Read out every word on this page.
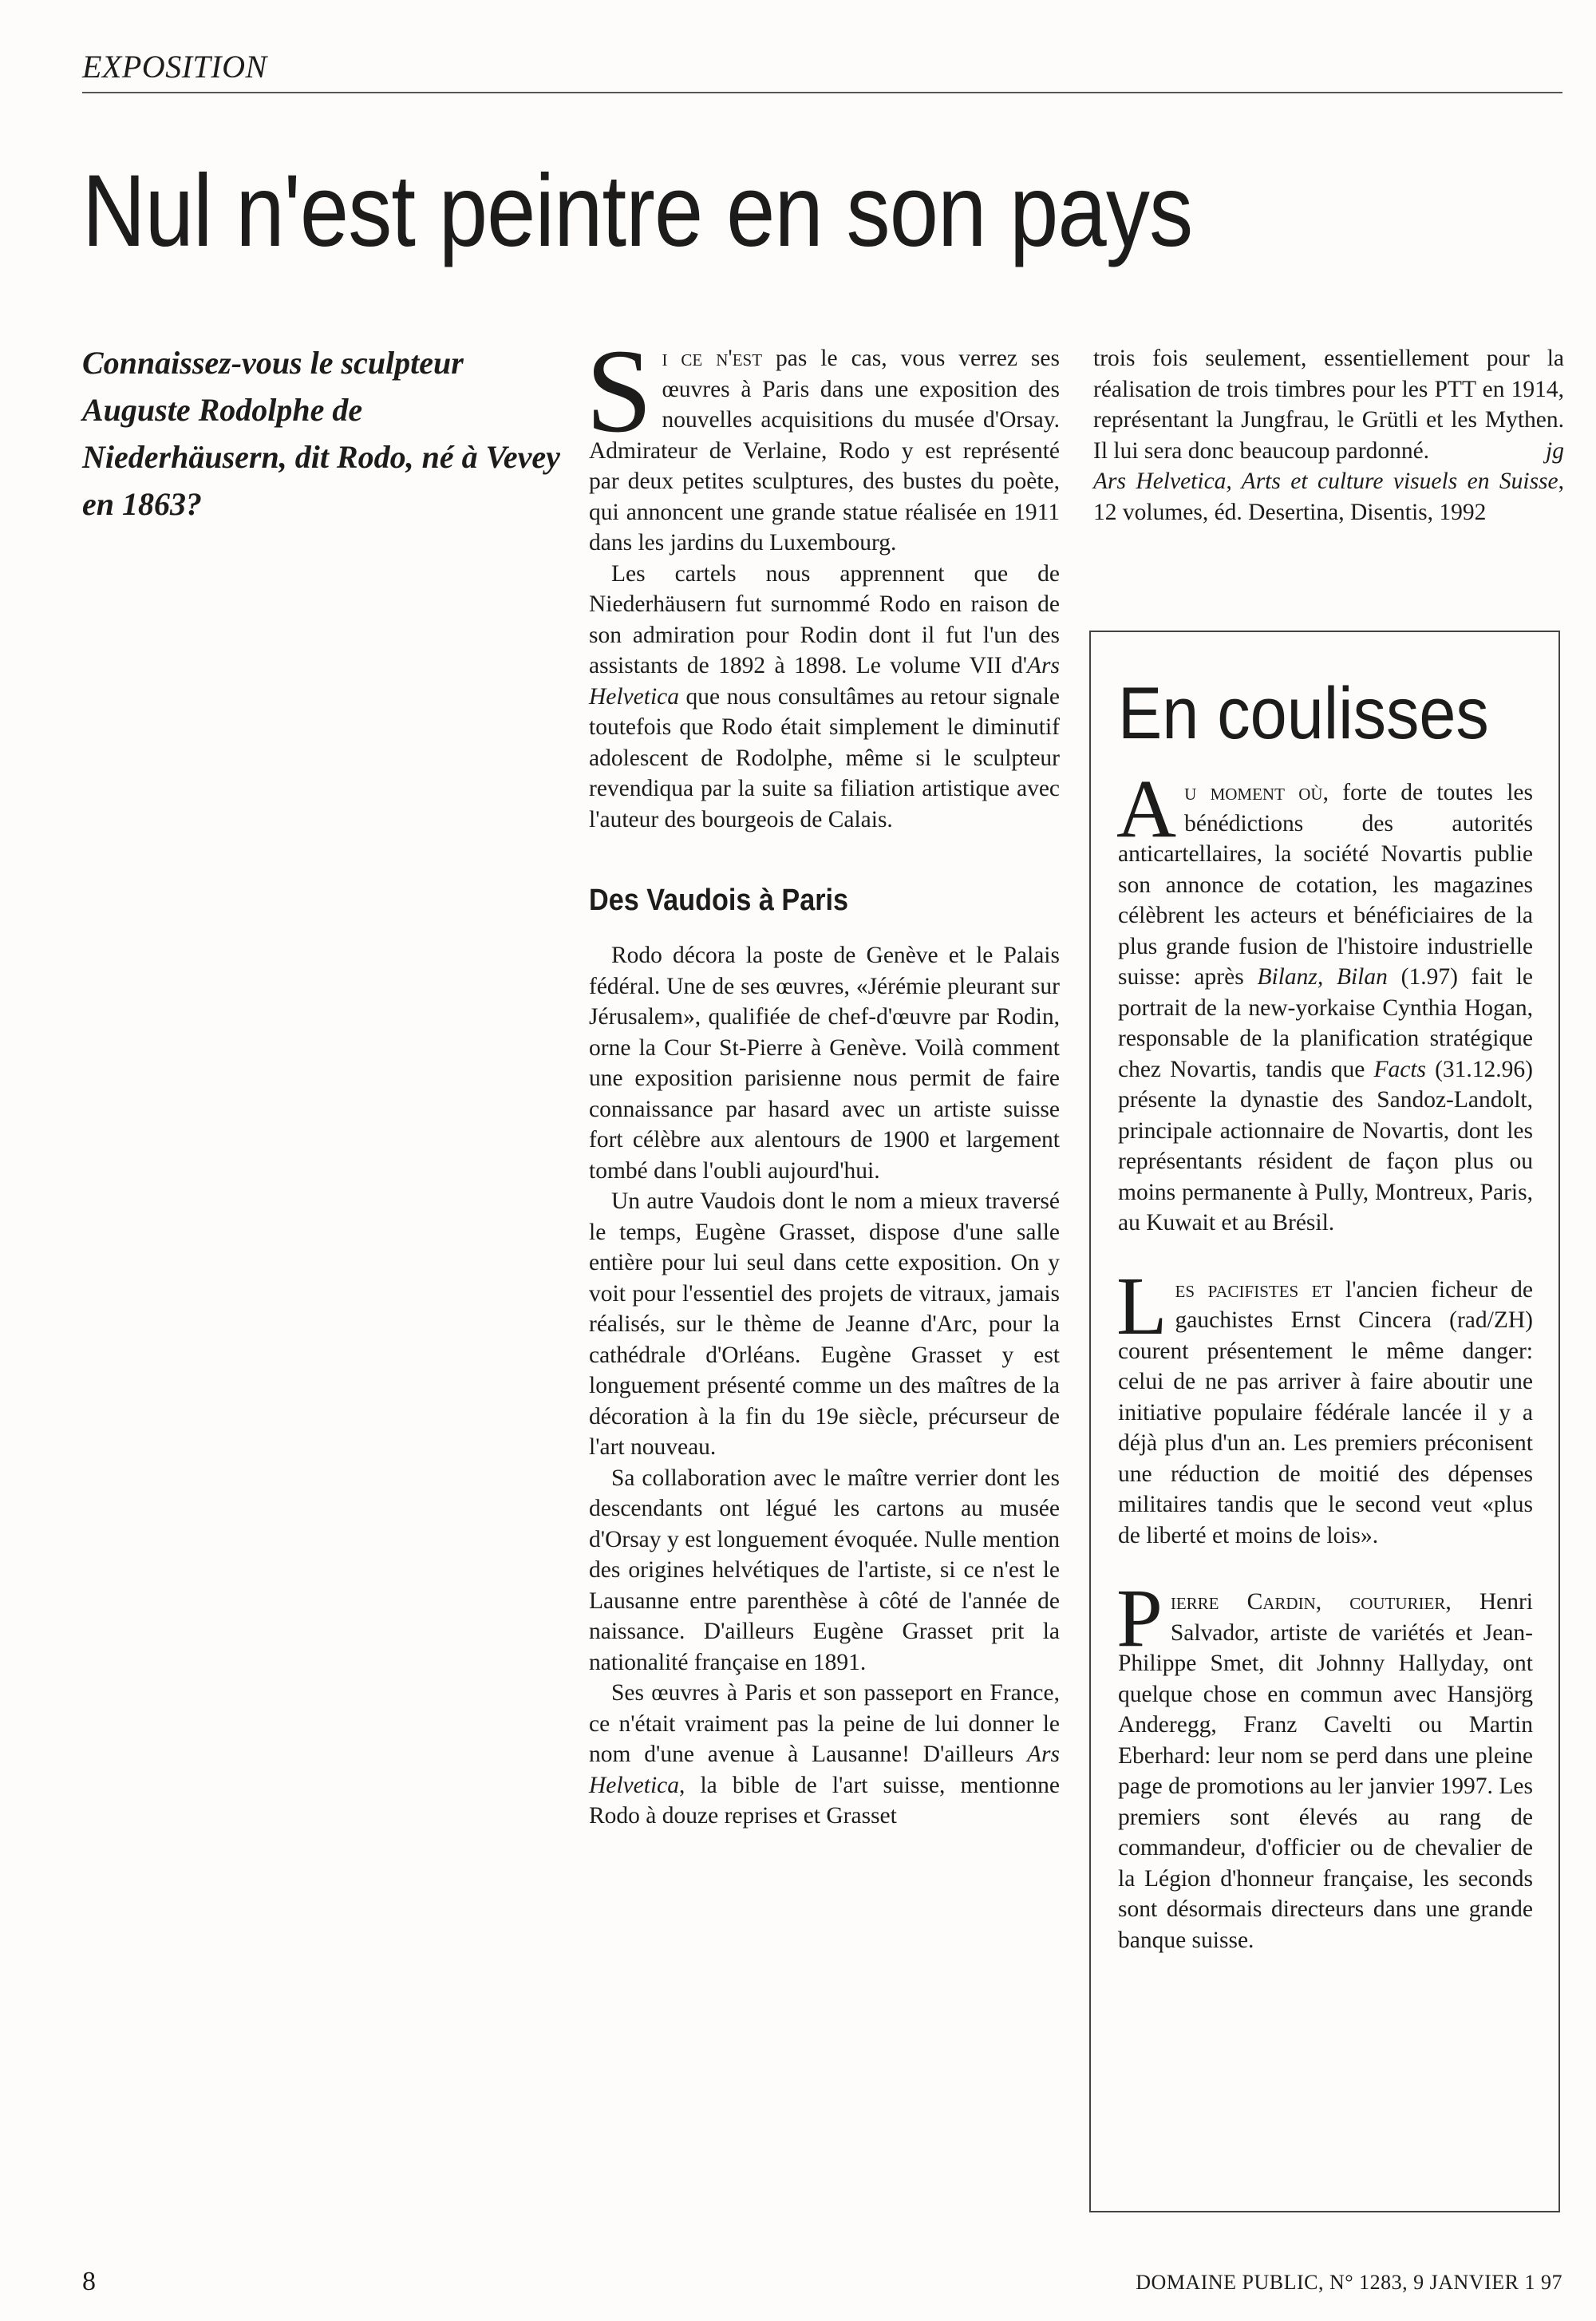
EXPOSITION
Nul n'est peintre en son pays
Connaissez-vous le sculpteur Auguste Rodolphe de Niederhäusern, dit Rodo, né à Vevey en 1863?

Si ce n'est pas le cas, vous verrez ses œuvres à Paris dans une exposition des nouvelles acquisitions du musée d'Orsay. Admirateur de Verlaine, Rodo y est représenté par deux petites sculptures, des bustes du poète, qui annoncent une grande statue réalisée en 1911 dans les jardins du Luxembourg.

Les cartels nous apprennent que de Niederhäusern fut surnommé Rodo en raison de son admiration pour Rodin dont il fut l'un des assistants de 1892 à 1898. Le volume VII d'Ars Helvetica que nous consultâmes au retour signale toutefois que Rodo était simplement le diminutif adolescent de Rodolphe, même si le sculpteur revendiqua par la suite sa filiation artistique avec l'auteur des bourgeois de Calais.

Des Vaudois à Paris

Rodo décora la poste de Genève et le Palais fédéral. Une de ses œuvres, «Jérémie pleurant sur Jérusalem», qualifiée de chef-d'œuvre par Rodin, orne la Cour St-Pierre à Genève. Voilà comment une exposition parisienne nous permit de faire connaissance par hasard avec un artiste suisse fort célèbre aux alentours de 1900 et largement tombé dans l'oubli aujourd'hui.

Un autre Vaudois dont le nom a mieux traversé le temps, Eugène Grasset, dispose d'une salle entière pour lui seul dans cette exposition. On y voit pour l'essentiel des projets de vitraux, jamais réalisés, sur le thème de Jeanne d'Arc, pour la cathédrale d'Orléans. Eugène Grasset y est longuement présenté comme un des maîtres de la décoration à la fin du 19e siècle, précurseur de l'art nouveau.

Sa collaboration avec le maître verrier dont les descendants ont légué les cartons au musée d'Orsay y est longuement évoquée. Nulle mention des origines helvétiques de l'artiste, si ce n'est le Lausanne entre parenthèse à côté de l'année de naissance. D'ailleurs Eugène Grasset prit la nationalité française en 1891.

Ses œuvres à Paris et son passeport en France, ce n'était vraiment pas la peine de lui donner le nom d'une avenue à Lausanne! D'ailleurs Ars Helvetica, la bible de l'art suisse, mentionne Rodo à douze reprises et Grasset

trois fois seulement, essentiellement pour la réalisation de trois timbres pour les PTT en 1914, représentant la Jungfrau, le Grütli et les Mythen. Il lui sera donc beaucoup pardonné.	jg

Ars Helvetica, Arts et culture visuels en Suisse, 12 volumes, éd. Desertina, Disentis, 1992

En coulisses

Au moment où, forte de toutes les bénédictions des autorités anticartellaires, la société Novartis publie son annonce de cotation, les magazines célèbrent les acteurs et bénéficiaires de la plus grande fusion de l'histoire industrielle suisse: après Bilanz, Bilan (1.97) fait le portrait de la new-yorkaise Cynthia Hogan, responsable de la planification stratégique chez Novartis, tandis que Facts (31.12.96) présente la dynastie des Sandoz-Landolt, principale actionnaire de Novartis, dont les représentants résident de façon plus ou moins permanente à Pully, Montreux, Paris, au Kuwait et au Brésil.

Les pacifistes et l'ancien ficheur de gauchistes Ernst Cincera (rad/ZH) courent présentement le même danger: celui de ne pas arriver à faire aboutir une initiative populaire fédérale lancée il y a déjà plus d'un an. Les premiers préconisent une réduction de moitié des dépenses militaires tandis que le second veut «plus de liberté et moins de lois».

Pierre Cardin, couturier, Henri Salvador, artiste de variétés et Jean-Philippe Smet, dit Johnny Hallyday, ont quelque chose en commun avec Hansjörg Anderegg, Franz Cavelti ou Martin Eberhard: leur nom se perd dans une pleine page de promotions au ler janvier 1997. Les premiers sont élevés au rang de commandeur, d'officier ou de chevalier de la Légion d'honneur française, les seconds sont désormais directeurs dans une grande banque suisse.

8	DOMAINE PUBLIC, N° 1283, 9 JANVIER 1 97
